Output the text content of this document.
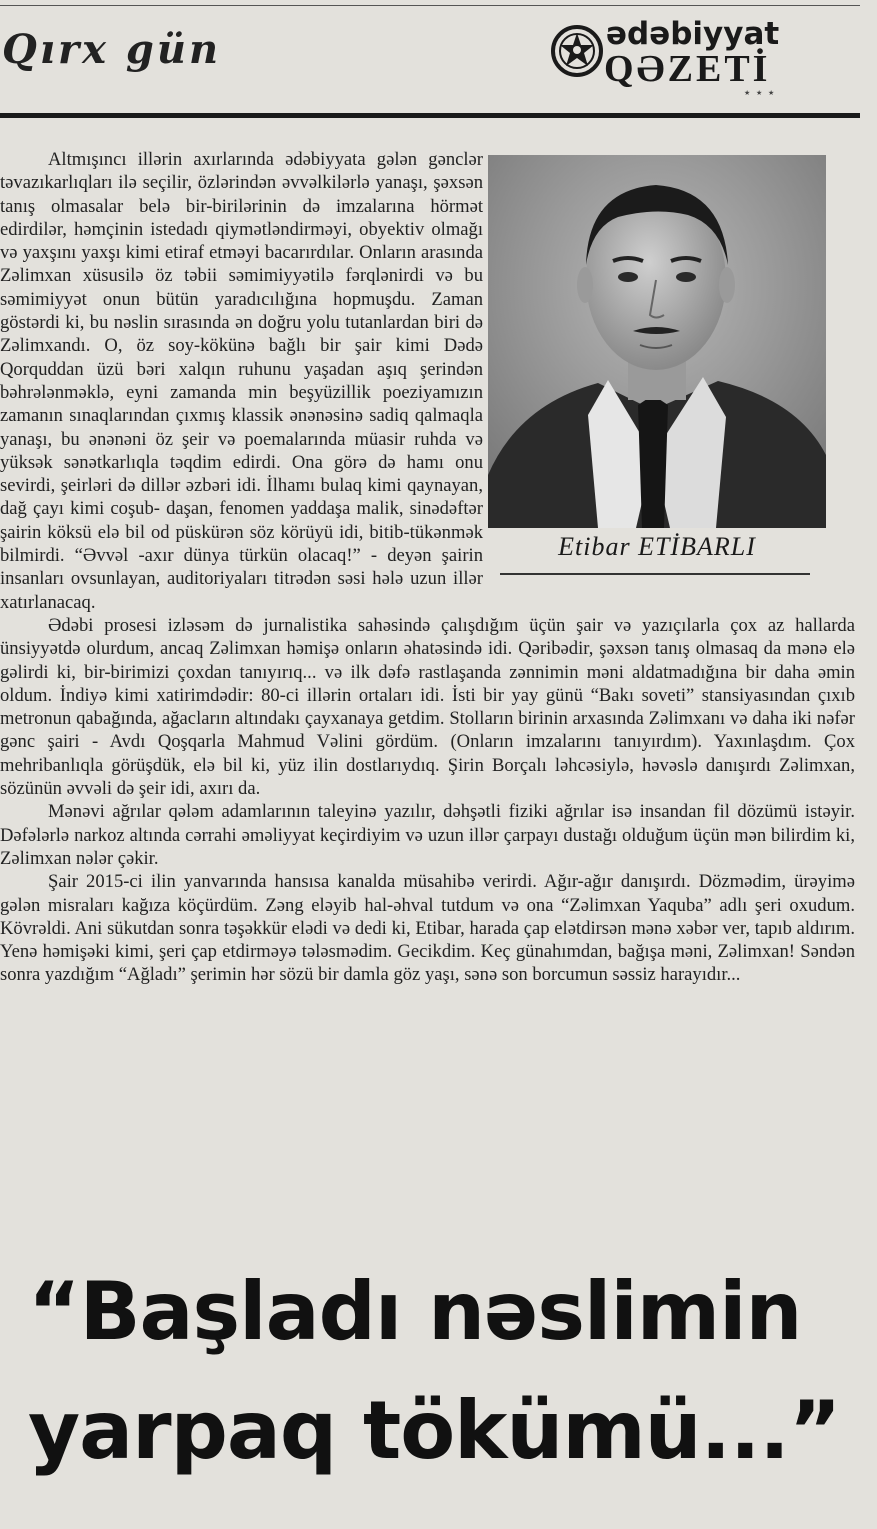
Qırx gün	ədəbiyyat
QƏZETİ
★ ★ ★
Etibar ETİBARLI

Altmışıncı illərin axırlarında ədəbiyyata gələn gənclər təvazıkarlıqları ilə seçilir, özlərindən əvvəlkilərlə yanaşı, şəxsən tanış olmasalar belə bir-birilərinin də imzalarına hörmət edirdilər, həmçinin istedadı qiymətləndirməyi, obyektiv olmağı və yaxşını yaxşı kimi etiraf etməyi bacarırdılar. Onların arasında Zəlimxan xüsusilə öz təbii səmimiyyətilə fərqlənirdi və bu səmimiyyət onun bütün yaradıcılığına hopmuşdu. Zaman göstərdi ki, bu nəslin sırasında ən doğru yolu tutanlardan biri də Zəlimxandı. O, öz soy-kökünə bağlı bir şair kimi Dədə Qorquddan üzü bəri xalqın ruhunu yaşadan aşıq şerindən bəhrələnməklə, eyni zamanda min beşyüzillik poeziyamızın zamanın sınaqlarından çıxmış klassik ənənəsinə sadiq qalmaqla yanaşı, bu ənənəni öz şeir və poemalarında müasir ruhda və yüksək sənətkarlıqla təqdim edirdi. Ona görə də hamı onu sevirdi, şeirləri də dillər əzbəri idi. İlhamı bulaq kimi qaynayan, dağ çayı kimi coşub- daşan, fenomen yaddaşa malik, sinədəftər şairin köksü elə bil od püskürən söz körüyü idi, bitib-tükənmək bilmirdi. “Əvvəl -axır dünya türkün olacaq!” - deyən şairin insanları ovsunlayan, auditoriyaları titrədən səsi hələ uzun illər xatırlanacaq.

Ədəbi prosesi izləsəm də jurnalistika sahəsində çalışdığım üçün şair və yazıçılarla çox az hallarda ünsiyyətdə olurdum, ancaq Zəlimxan həmişə onların əhatəsində idi. Qəribədir, şəxsən tanış olmasaq da mənə elə gəlirdi ki, bir-birimizi çoxdan tanıyırıq... və ilk dəfə rastlaşanda zənnimin məni aldatmadığına bir daha əmin oldum. İndiyə kimi xatirimdədir: 80-ci illərin ortaları idi. İsti bir yay günü “Bakı soveti” stansiyasından çıxıb metronun qabağında, ağacların altındakı çayxanaya getdim. Stolların birinin arxasında Zəlimxanı və daha iki nəfər gənc şairi - Avdı Qoşqarla Mahmud Vəlini gördüm. (Onların imzalarını tanıyırdım). Yaxınlaşdım. Çox mehribanlıqla görüşdük, elə bil ki, yüz ilin dostlarıydıq. Şirin Borçalı ləhcəsiylə, həvəslə danışırdı Zəlimxan, sözünün əvvəli də şeir idi, axırı da.

Mənəvi ağrılar qələm adamlarının taleyinə yazılır, dəhşətli fiziki ağrılar isə insandan fil dözümü istəyir. Dəfələrlə narkoz altında cərrahi əməliyyat keçirdiyim və uzun illər çarpayı dustağı olduğum üçün mən bilirdim ki, Zəlimxan nələr çəkir.

Şair 2015-ci ilin yanvarında hansısa kanalda müsahibə verirdi. Ağır-ağır danışırdı. Dözmədim, ürəyimə gələn misraları kağıza köçürdüm. Zəng eləyib hal-əhval tutdum və ona “Zəlimxan Yaquba” adlı şeri oxudum. Kövrəldi. Ani sükutdan sonra təşəkkür elədi və dedi ki, Etibar, harada çap elətdirsən mənə xəbər ver, tapıb aldırım. Yenə həmişəki kimi, şeri çap etdirməyə tələsmədim. Gecikdim. Keç günahımdan, bağışa məni, Zəlimxan! Səndən sonra yazdığım “Ağladı” şerimin hər sözü bir damla göz yaşı, sənə son borcumun səssiz harayıdır...

“Başladı nəslimin
yarpaq tökümü...”
